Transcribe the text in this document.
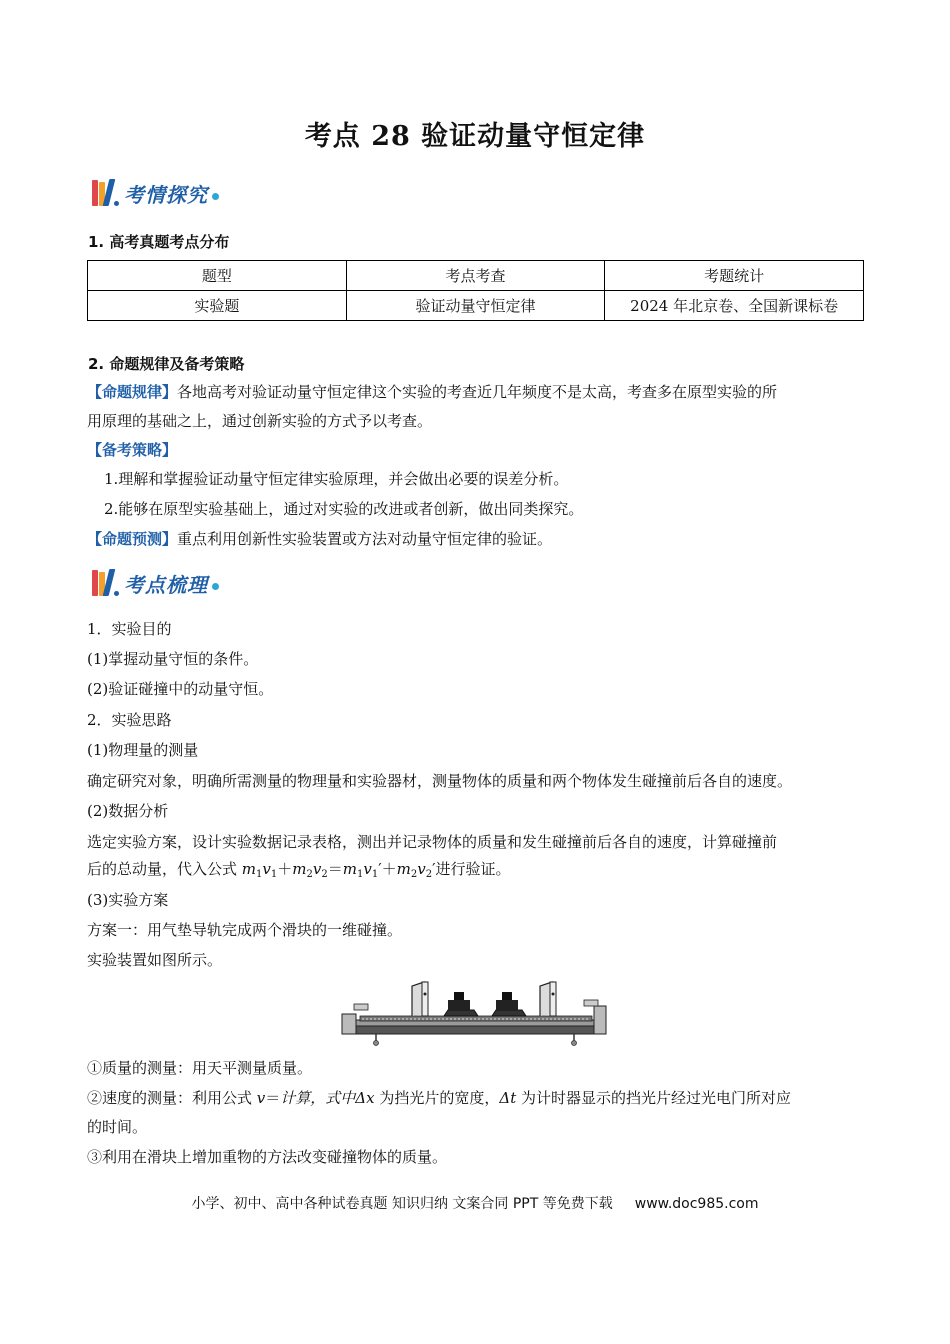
考点 28 验证动量守恒定律
考情探究
1. 高考真题考点分布
题型	考点考查	考题统计
实验题	验证动量守恒定律	2024 年北京卷、全国新课标卷
2. 命题规律及备考策略
【命题规律】各地高考对验证动量守恒定律这个实验的考查近几年频度不是太高，考查多在原型实验的所
用原理的基础之上，通过创新实验的方式予以考查。
【备考策略】
1.理解和掌握验证动量守恒定律实验原理，并会做出必要的误差分析。
2.能够在原型实验基础上，通过对实验的改进或者创新，做出同类探究。
【命题预测】重点利用创新性实验装置或方法对动量守恒定律的验证。
考点梳理
1．实验目的
(1)掌握动量守恒的条件。
(2)验证碰撞中的动量守恒。
2．实验思路
(1)物理量的测量
确定研究对象，明确所需测量的物理量和实验器材，测量物体的质量和两个物体发生碰撞前后各自的速度。
(2)数据分析
选定实验方案，设计实验数据记录表格，测出并记录物体的质量和发生碰撞前后各自的速度，计算碰撞前
后的总动量，代入公式 $m_1v_1+m_2v_2=m_1v_1'+m_2v_2'$进行验证。
(3)实验方案
方案一：用气垫导轨完成两个滑块的一维碰撞。
实验装置如图所示。
①质量的测量：用天平测量质量。
②速度的测量：利用公式 v＝计算，式中Δx 为挡光片的宽度，Δt 为计时器显示的挡光片经过光电门所对应
的时间。
③利用在滑块上增加重物的方法改变碰撞物体的质量。
小学、初中、高中各种试卷真题 知识归纳 文案合同 PPT 等免费下载 www.doc985.com
